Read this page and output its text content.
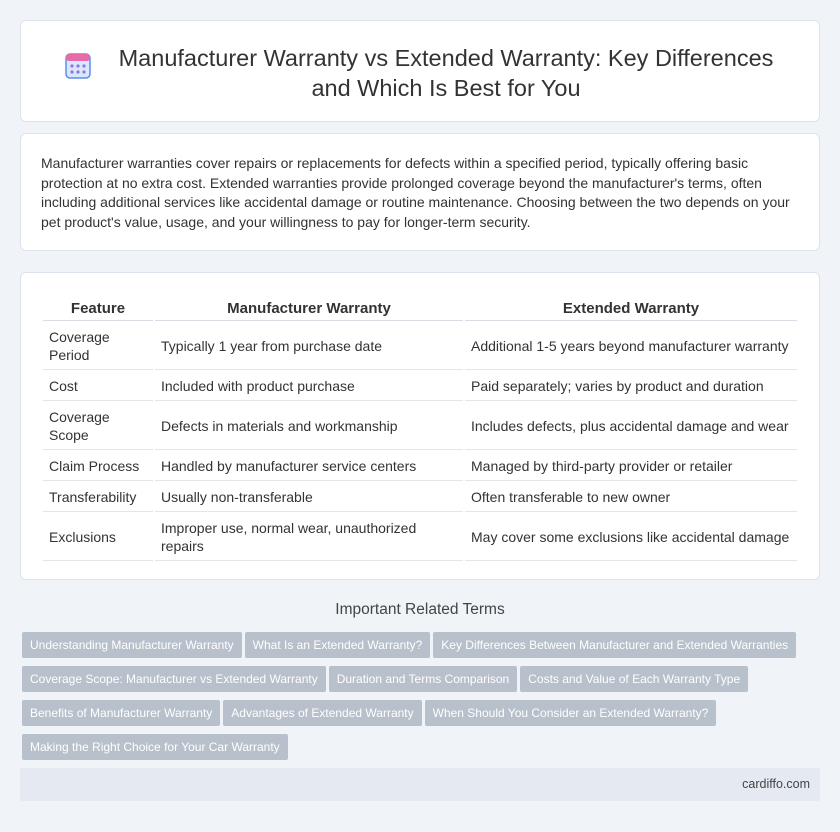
Manufacturer Warranty vs Extended Warranty: Key Differences and Which Is Best for You

Manufacturer warranties cover repairs or replacements for defects within a specified period, typically offering basic protection at no extra cost. Extended warranties provide prolonged coverage beyond the manufacturer's terms, often including additional services like accidental damage or routine maintenance. Choosing between the two depends on your pet product's value, usage, and your willingness to pay for longer-term security.

Feature	Manufacturer Warranty	Extended Warranty
Coverage Period	Typically 1 year from purchase date	Additional 1-5 years beyond manufacturer warranty
Cost	Included with product purchase	Paid separately; varies by product and duration
Coverage Scope	Defects in materials and workmanship	Includes defects, plus accidental damage and wear
Claim Process	Handled by manufacturer service centers	Managed by third-party provider or retailer
Transferability	Usually non-transferable	Often transferable to new owner
Exclusions	Improper use, normal wear, unauthorized repairs	May cover some exclusions like accidental damage
Important Related Terms
Understanding Manufacturer Warranty What Is an Extended Warranty? Key Differences Between Manufacturer and Extended Warranties
Coverage Scope: Manufacturer vs Extended Warranty Duration and Terms Comparison Costs and Value of Each Warranty Type
Benefits of Manufacturer Warranty Advantages of Extended Warranty When Should You Consider an Extended Warranty?
Making the Right Choice for Your Car Warranty
cardiffo.com
